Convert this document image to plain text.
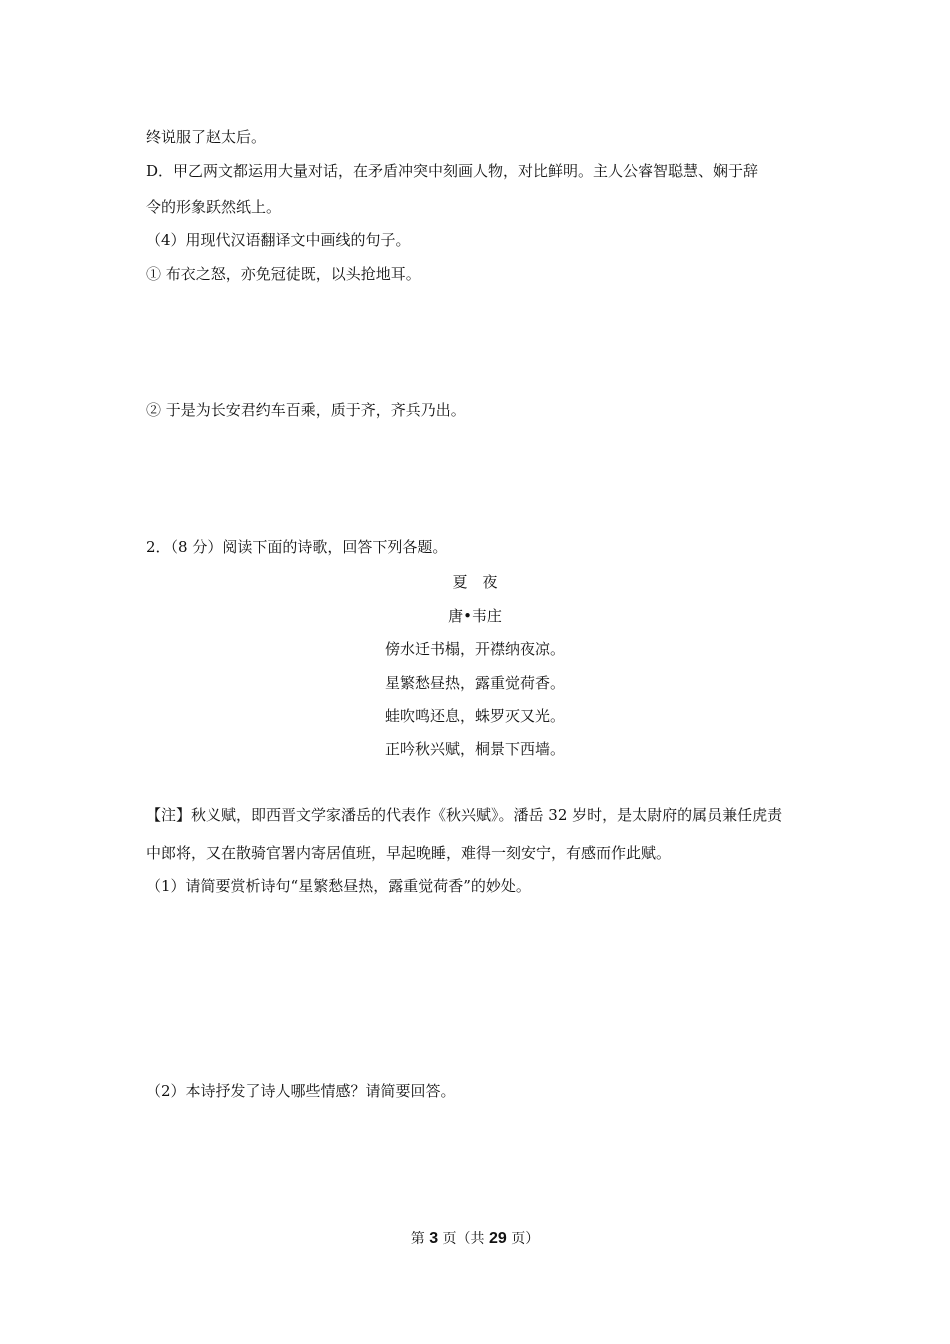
终说服了赵太后。
D．甲乙两文都运用大量对话，在矛盾冲突中刻画人物，对比鲜明。主人公睿智聪慧、娴于辞
令的形象跃然纸上。
（4）用现代汉语翻译文中画线的句子。
① 布衣之怒，亦免冠徒既，以头抢地耳。
② 于是为长安君约车百乘，质于齐，齐兵乃出。
2．（8 分）阅读下面的诗歌，回答下列各题。
夏　夜
唐•韦庄
傍水迁书榻，开襟纳夜凉。
星繁愁昼热，露重觉荷香。
蛙吹鸣还息，蛛罗灭又光。
正吟秋兴赋，桐景下西墙。
【注】秋义赋，即西晋文学家潘岳的代表作《秋兴赋》。潘岳 32 岁时，是太尉府的属员兼任虎责
中郎将，又在散骑官署内寄居值班，早起晚睡，难得一刻安宁，有感而作此赋。
（1）请简要赏析诗句“星繁愁昼热，露重觉荷香”的妙处。
（2）本诗抒发了诗人哪些情感？请简要回答。
第 3 页（共 29 页）
